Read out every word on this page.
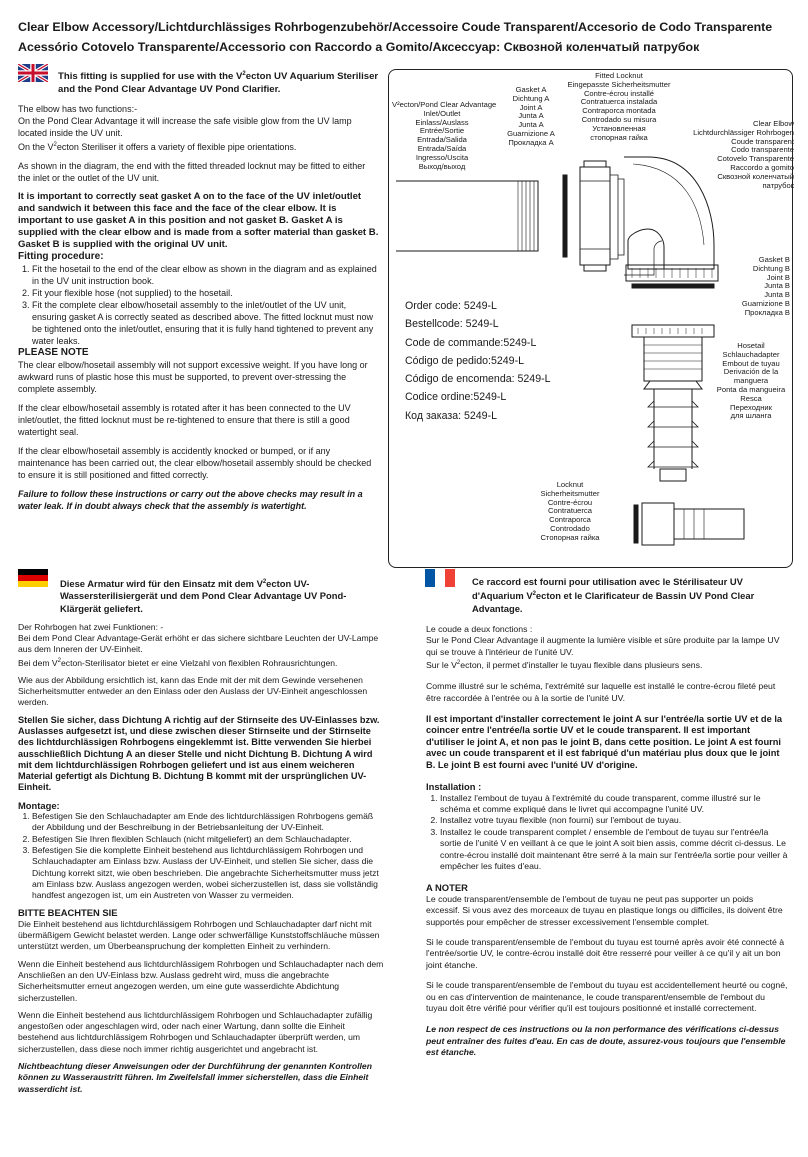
Clear Elbow Accessory/Lichtdurchlässiges Rohrbogenzubehör/Accessoire Coude Transparent/Accesorio de Codo Transparente
Acessório Cotovelo Transparente/Accessorio con Raccordo a Gomito/Аксессуар: Сквозной коленчатый патрубок

This fitting is supplied for use with the $V^2ecton$ UV Aquarium Steriliser and the Pond Clear Advantage UV Pond Clarifier.

The elbow has two functions:-

On the Pond Clear Advantage it will increase the safe visible glow from the UV lamp located inside the UV unit.

On the $V^2ecton$ Steriliser it offers a variety of flexible pipe orientations.

As shown in the diagram, the end with the fitted threaded locknut may be fitted to either the inlet or the outlet of the UV unit.

It is important to correctly seat gasket A on to the face of the UV inlet/outlet and sandwich it between this face and the face of the clear elbow. It is important to use gasket A in this position and not gasket B. Gasket A is supplied with the clear elbow and is made from a softer material than gasket B. Gasket B is supplied with the original UV unit.

Fitting procedure:

1. Fit the hosetail to the end of the clear elbow as shown in the diagram and as explained in the UV unit instruction book.
2. Fit your flexible hose (not supplied) to the hosetail.
3. Fit the complete clear elbow/hosetail assembly to the inlet/outlet of the UV unit, ensuring gasket A is correctly seated as described above. The fitted locknut must now be tightened onto the inlet/outlet, ensuring that it is fully hand tightened to prevent any water leaks.

PLEASE NOTE

The clear elbow/hosetail assembly will not support excessive weight. If you have long or awkward runs of plastic hose this must be supported, to prevent over-stressing the complete assembly.

If the clear elbow/hosetail assembly is rotated after it has been connected to the UV inlet/outlet, the fitted locknut must be re-tightened to ensure that there is still a good watertight seal.

If the clear elbow/hosetail assembly is accidently knocked or bumped, or if any maintenance has been carried out, the clear elbow/hosetail assembly should be checked to ensure it is still positioned and fitted correctly.

Failure to follow these instructions or carry out the above checks may result in a water leak. If in doubt always check that the assembly is watertight.

V²ecton/Pond Clear Advantage
Inlet/Outlet
Einlass/Auslass
Entrée/Sortie
Entrada/Salida
Entrada/Saída
Ingresso/Uscita
Выход/выход
Gasket A
Dichtung A
Joint A
Junta A
Junta A
Guarnizione A
Прокладка A
Fitted Locknut
Eingepasste Sicherheitsmutter
Contre-écrou installé
Contratuerca instalada
Contraporca montada
Controdado su misura
Установленная
стопорная гайка
Clear Elbow
Lichtdurchlässiger Rohrbogen
Coude transparent
Codo transparente
Cotovelo Transparente
Raccordo a gomito
Сквозной коленчатый
патрубок
Gasket B
Dichtung B
Joint B
Junta B
Junta B
Guarnizione B
Прокладка B
Hosetail
Schlauchadapter
Embout de tuyau
Derivación de la
manguera
Ponta da mangueira
Resca
Переходник
для шланга
Locknut
Sicherheitsmutter
Contre-écrou
Contratuerca
Contraporca
Controdado
Стопорная гайка
Order code: 5249-L
Bestellcode: 5249-L
Code de commande:5249-L
Código de pedido:5249-L
Código de encomenda: 5249-L
Codice ordine:5249-L
Код заказа: 5249-L

Diese Armatur wird für den Einsatz mit dem $V^2ecton$ UV-Wassersterilisiergerät und dem Pond Clear Advantage UV Pond-Klärgerät geliefert.

Der Rohrbogen hat zwei Funktionen: -

Bei dem Pond Clear Advantage-Gerät erhöht er das sichere sichtbare Leuchten der UV-Lampe aus dem Inneren der UV-Einheit.

Bei dem $V^2ecton$-Sterilisator bietet er eine Vielzahl von flexiblen Rohrausrichtungen.

Wie aus der Abbildung ersichtlich ist, kann das Ende mit der mit dem Gewinde versehenen Sicherheitsmutter entweder an den Einlass oder den Auslass der UV-Einheit angeschlossen werden.

Stellen Sie sicher, dass Dichtung A richtig auf der Stirnseite des UV-Einlasses bzw. Auslasses aufgesetzt ist, und diese zwischen dieser Stirnseite und der Stirnseite des lichtdurchlässigen Rohrbogens eingeklemmt ist. Bitte verwenden Sie hierbei ausschließlich Dichtung A an dieser Stelle und nicht Dichtung B. Dichtung A wird mit dem lichtdurchlässigen Rohrbogen geliefert und ist aus einem weicheren Material gefertigt als Dichtung B. Dichtung B kommt mit der ursprünglichen UV-Einheit.

Montage:

1. Befestigen Sie den Schlauchadapter am Ende des lichtdurchlässigen Rohrbogens gemäß der Abbildung und der Beschreibung in der Betriebsanleitung der UV-Einheit.
2. Befestigen Sie Ihren flexiblen Schlauch (nicht mitgeliefert) an dem Schlauchadapter.
3. Befestigen Sie die komplette Einheit bestehend aus lichtdurchlässigem Rohrbogen und Schlauchadapter am Einlass bzw. Auslass der UV-Einheit, und stellen Sie sicher, dass die Dichtung korrekt sitzt, wie oben beschrieben. Die angebrachte Sicherheitsmutter muss jetzt am Einlass bzw. Auslass angezogen werden, wobei sicherzustellen ist, dass sie vollständig handfest angezogen ist, um ein Austreten von Wasser zu vermeiden.

BITTE BEACHTEN SIE

Die Einheit bestehend aus lichtdurchlässigem Rohrbogen und Schlauchadapter darf nicht mit übermäßigem Gewicht belastet werden. Lange oder schwerfällige Kunststoffschläuche müssen unterstützt werden, um Überbeanspruchung der kompletten Einheit zu verhindern.

Wenn die Einheit bestehend aus lichtdurchlässigem Rohrbogen und Schlauchadapter nach dem Anschließen an den UV-Einlass bzw. Auslass gedreht wird, muss die angebrachte Sicherheitsmutter erneut angezogen werden, um eine gute wasserdichte Abdichtung sicherzustellen.

Wenn die Einheit bestehend aus lichtdurchlässigem Rohrbogen und Schlauchadapter zufällig angestoßen oder angeschlagen wird, oder nach einer Wartung, dann sollte die Einheit bestehend aus lichtdurchlässigem Rohrbogen und Schlauchadapter überprüft werden, um sicherzustellen, dass diese noch immer richtig ausgerichtet und angebracht ist.

Nichtbeachtung dieser Anweisungen oder der Durchführung der genannten Kontrollen können zu Wasseraustritt führen. Im Zweifelsfall immer sicherstellen, dass die Einheit wasserdicht ist.

Ce raccord est fourni pour utilisation avec le Stérilisateur UV d'Aquarium $V^2ecton$ et le Clarificateur de Bassin UV Pond Clear Advantage.

Le coude a deux fonctions :

Sur le Pond Clear Advantage il augmente la lumière visible et sûre produite par la lampe UV qui se trouve à l'intérieur de l'unité UV.

Sur le $V^2ecton$, il permet d'installer le tuyau flexible dans plusieurs sens.

Comme illustré sur le schéma, l'extrémité sur laquelle est installé le contre-écrou fileté peut être raccordée à l'entrée ou à la sortie de l'unité UV.

Il est important d'installer correctement le joint A sur l'entrée/la sortie UV et de la coincer entre l'entrée/la sortie UV et le coude transparent. Il est important d'utiliser le joint A, et non pas le joint B, dans cette position. Le joint A est fourni avec un coude transparent et il est fabriqué d'un matériau plus doux que le joint B. Le joint B est fourni avec l'unité UV d'origine.

Installation :

1. Installez l'embout de tuyau à l'extrémité du coude transparent, comme illustré sur le schéma et comme expliqué dans le livret qui accompagne l'unité UV.
2. Installez votre tuyau flexible (non fourni) sur l'embout de tuyau.
3. Installez le coude transparent complet / ensemble de l'embout de tuyau sur l'entrée/la sortie de l'unité V en veillant à ce que le joint A soit bien assis, comme décrit ci-dessus. Le contre-écrou installé doit maintenant être serré à la main sur l'entrée/la sortie pour veiller à empêcher les fuites d'eau.

A NOTER

Le coude transparent/ensemble de l'embout de tuyau ne peut pas supporter un poids excessif. Si vous avez des morceaux de tuyau en plastique longs ou difficiles, ils doivent être supportés pour empêcher de stresser excessivement l'ensemble complet.

Si le coude transparent/ensemble de l'embout du tuyau est tourné après avoir été connecté à l'entrée/sortie UV, le contre-écrou installé doit être resserré pour veiller à ce qu'il y ait un bon joint étanche.

Si le coude transparent/ensemble de l'embout du tuyau est accidentellement heurté ou cogné, ou en cas d'intervention de maintenance, le coude transparent/ensemble de l'embout du tuyau doit être vérifié pour vérifier qu'il est toujours positionné et installé correctement.

Le non respect de ces instructions ou la non performance des vérifications ci-dessus peut entraîner des fuites d'eau. En cas de doute, assurez-vous toujours que l'ensemble est étanche.
